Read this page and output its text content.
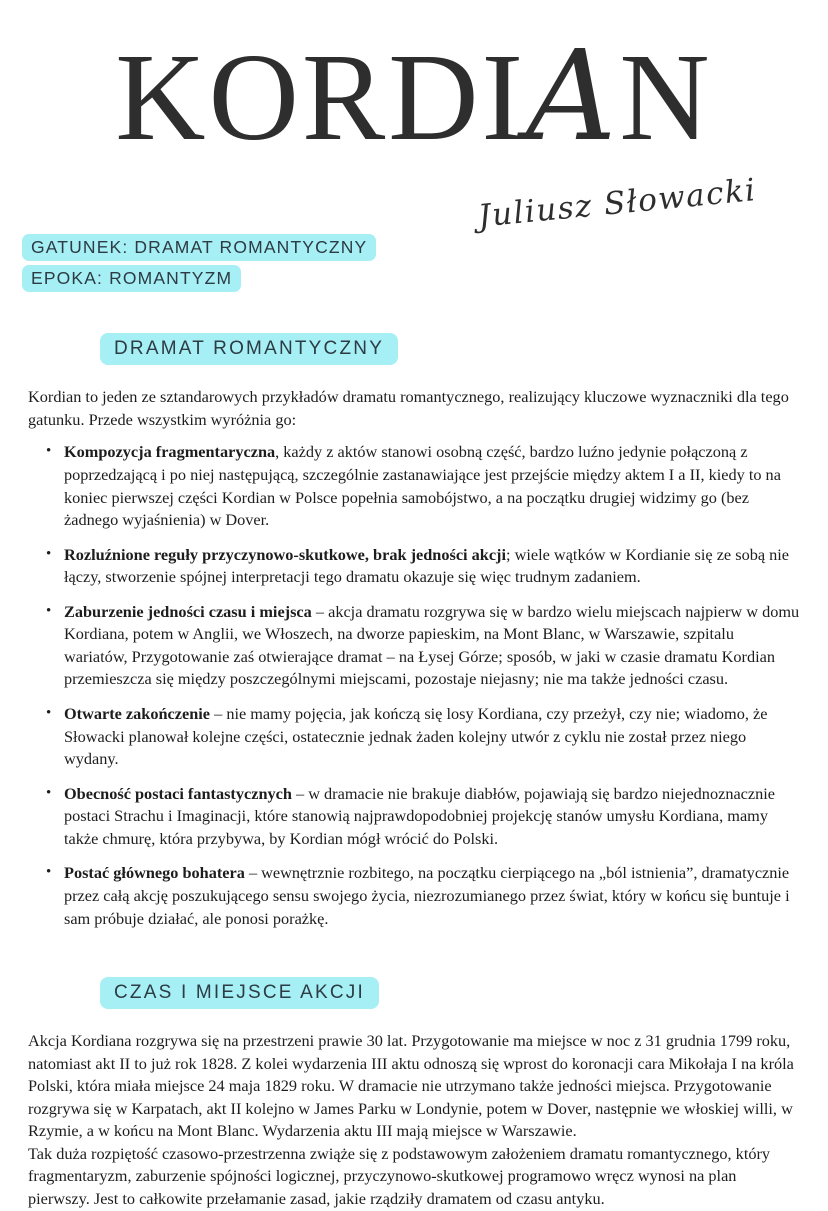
KORDIAN
Juliusz Słowacki
GATUNEK: DRAMAT ROMANTYCZNY
EPOKA: ROMANTYZM
DRAMAT ROMANTYCZNY

Kordian to jeden ze sztandarowych przykładów dramatu romantycznego, realizujący kluczowe wyznaczniki dla tego gatunku. Przede wszystkim wyróżnia go:

• Kompozycja fragmentaryczna, każdy z aktów stanowi osobną część, bardzo luźno jedynie połączoną z poprzedzającą i po niej następującą, szczególnie zastanawiające jest przejście między aktem I a II, kiedy to na koniec pierwszej części Kordian w Polsce popełnia samobójstwo, a na początku drugiej widzimy go (bez żadnego wyjaśnienia) w Dover.
• Rozluźnione reguły przyczynowo-skutkowe, brak jedności akcji; wiele wątków w Kordianie się ze sobą nie łączy, stworzenie spójnej interpretacji tego dramatu okazuje się więc trudnym zadaniem.
• Zaburzenie jedności czasu i miejsca – akcja dramatu rozgrywa się w bardzo wielu miejscach najpierw w domu Kordiana, potem w Anglii, we Włoszech, na dworze papieskim, na Mont Blanc, w Warszawie, szpitalu wariatów, Przygotowanie zaś otwierające dramat – na Łysej Górze; sposób, w jaki w czasie dramatu Kordian przemieszcza się między poszczególnymi miejscami, pozostaje niejasny; nie ma także jedności czasu.
• Otwarte zakończenie – nie mamy pojęcia, jak kończą się losy Kordiana, czy przeżył, czy nie; wiadomo, że Słowacki planował kolejne części, ostatecznie jednak żaden kolejny utwór z cyklu nie został przez niego wydany.
• Obecność postaci fantastycznych – w dramacie nie brakuje diabłów, pojawiają się bardzo niejednoznacznie postaci Strachu i Imaginacji, które stanowią najprawdopodobniej projekcję stanów umysłu Kordiana, mamy także chmurę, która przybywa, by Kordian mógł wrócić do Polski.
• Postać głównego bohatera – wewnętrznie rozbitego, na początku cierpiącego na „ból istnienia”, dramatycznie przez całą akcję poszukującego sensu swojego życia, niezrozumianego przez świat, który w końcu się buntuje i sam próbuje działać, ale ponosi porażkę.
CZAS I MIEJSCE AKCJI

Akcja Kordiana rozgrywa się na przestrzeni prawie 30 lat. Przygotowanie ma miejsce w noc z 31 grudnia 1799 roku, natomiast akt II to już rok 1828. Z kolei wydarzenia III aktu odnoszą się wprost do koronacji cara Mikołaja I na króla Polski, która miała miejsce 24 maja 1829 roku. W dramacie nie utrzymano także jedności miejsca. Przygotowanie rozgrywa się w Karpatach, akt II kolejno w James Parku w Londynie, potem w Dover, następnie we włoskiej willi, w Rzymie, a w końcu na Mont Blanc. Wydarzenia aktu III mają miejsce w Warszawie.

Tak duża rozpiętość czasowo-przestrzenna zwiąże się z podstawowym założeniem dramatu romantycznego, który fragmentaryzm, zaburzenie spójności logicznej, przyczynowo-skutkowej programowo wręcz wynosi na plan pierwszy. Jest to całkowite przełamanie zasad, jakie rządziły dramatem od czasu antyku.
